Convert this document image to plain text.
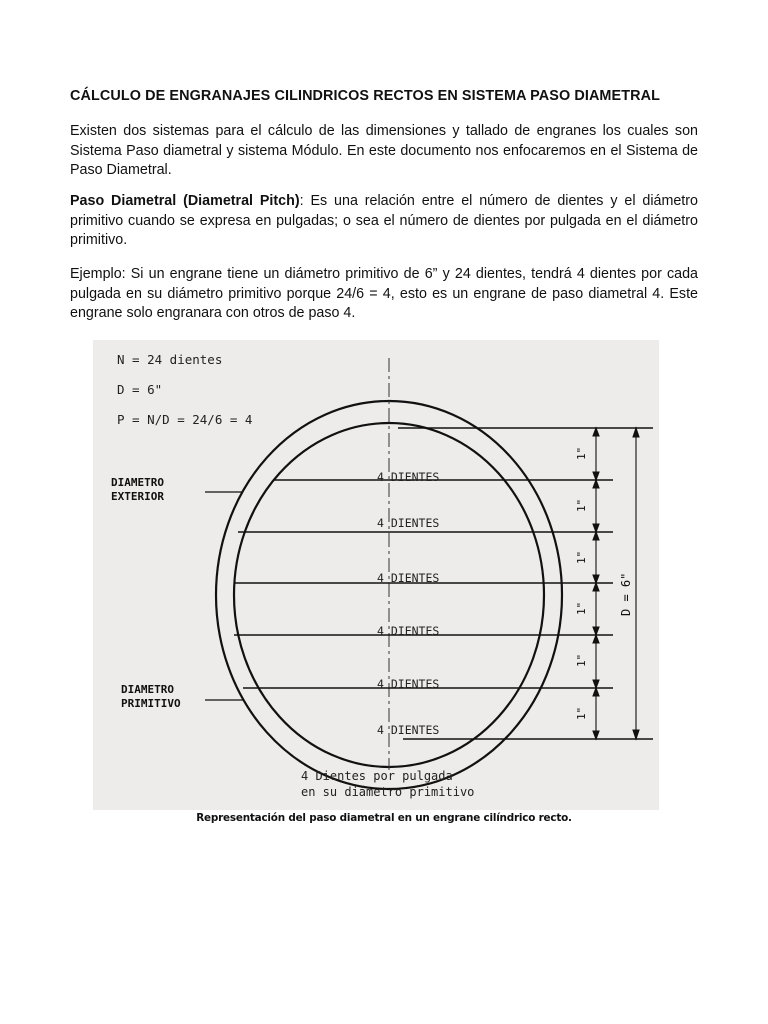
CÁLCULO DE ENGRANAJES CILINDRICOS RECTOS EN SISTEMA PASO DIAMETRAL

Existen dos sistemas para el cálculo de las dimensiones y tallado de engranes los cuales son Sistema Paso diametral y sistema Módulo. En este documento nos enfocaremos en el Sistema de Paso Diametral.

Paso Diametral (Diametral Pitch): Es una relación entre el número de dientes y el diámetro primitivo cuando se expresa en pulgadas; o sea el número de dientes por pulgada en el diámetro primitivo.

Ejemplo: Si un engrane tiene un diámetro primitivo de 6” y 24 dientes, tendrá 4 dientes por cada pulgada en su diámetro primitivo porque 24/6 = 4, esto es un engrane de paso diametral 4. Este engrane solo engranara con otros de paso 4.

N = 24 dientes
D = 6"
P = N/D = 24/6 = 4
4 DIENTES
4 DIENTES
4 DIENTES
4 DIENTES
4 DIENTES
4 DIENTES
DIAMETRO
EXTERIOR
DIAMETRO
PRIMITIVO
1"
1"
1"
1"
1"
1"
D = 6"
4 Dientes por pulgada
en su diámetro primitivo
Representación del paso diametral en un engrane cilíndrico recto.
